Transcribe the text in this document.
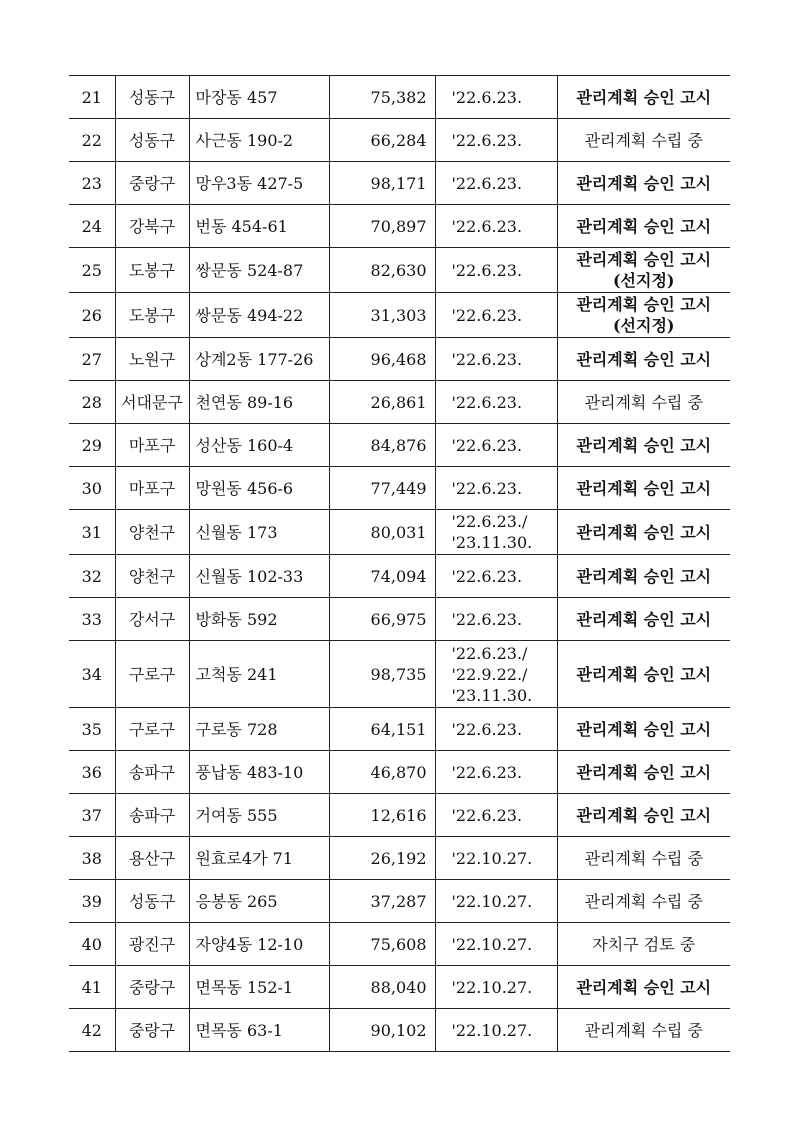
21	성동구	마장동 457	75,382	'22.6.23.	관리계획 승인 고시

22	성동구	사근동 190-2	66,284	'22.6.23.	관리계획 수립 중

23	중랑구	망우3동 427-5	98,171	'22.6.23.	관리계획 승인 고시

24	강북구	번동 454-61	70,897	'22.6.23.	관리계획 승인 고시

25	도봉구	쌍문동 524-87	82,630	'22.6.23.	관리계획 승인 고시
(선지정)

26	도봉구	쌍문동 494-22	31,303	'22.6.23.	관리계획 승인 고시
(선지정)

27	노원구	상계2동 177-26	96,468	'22.6.23.	관리계획 승인 고시

28	서대문구	천연동 89-16	26,861	'22.6.23.	관리계획 수립 중

29	마포구	성산동 160-4	84,876	'22.6.23.	관리계획 승인 고시

30	마포구	망원동 456-6	77,449	'22.6.23.	관리계획 승인 고시

31	양천구	신월동 173	80,031	'22.6.23./
'23.11.30.	관리계획 승인 고시

32	양천구	신월동 102-33	74,094	'22.6.23.	관리계획 승인 고시

33	강서구	방화동 592	66,975	'22.6.23.	관리계획 승인 고시

34	구로구	고척동 241	98,735	'22.6.23./
'22.9.22./
'23.11.30.	관리계획 승인 고시

35	구로구	구로동 728	64,151	'22.6.23.	관리계획 승인 고시

36	송파구	풍납동 483-10	46,870	'22.6.23.	관리계획 승인 고시

37	송파구	거여동 555	12,616	'22.6.23.	관리계획 승인 고시

38	용산구	원효로4가 71	26,192	'22.10.27.	관리계획 수립 중

39	성동구	응봉동 265	37,287	'22.10.27.	관리계획 수립 중

40	광진구	자양4동 12-10	75,608	'22.10.27.	자치구 검토 중

41	중랑구	면목동 152-1	88,040	'22.10.27.	관리계획 승인 고시

42	중랑구	면목동 63-1	90,102	'22.10.27.	관리계획 수립 중
